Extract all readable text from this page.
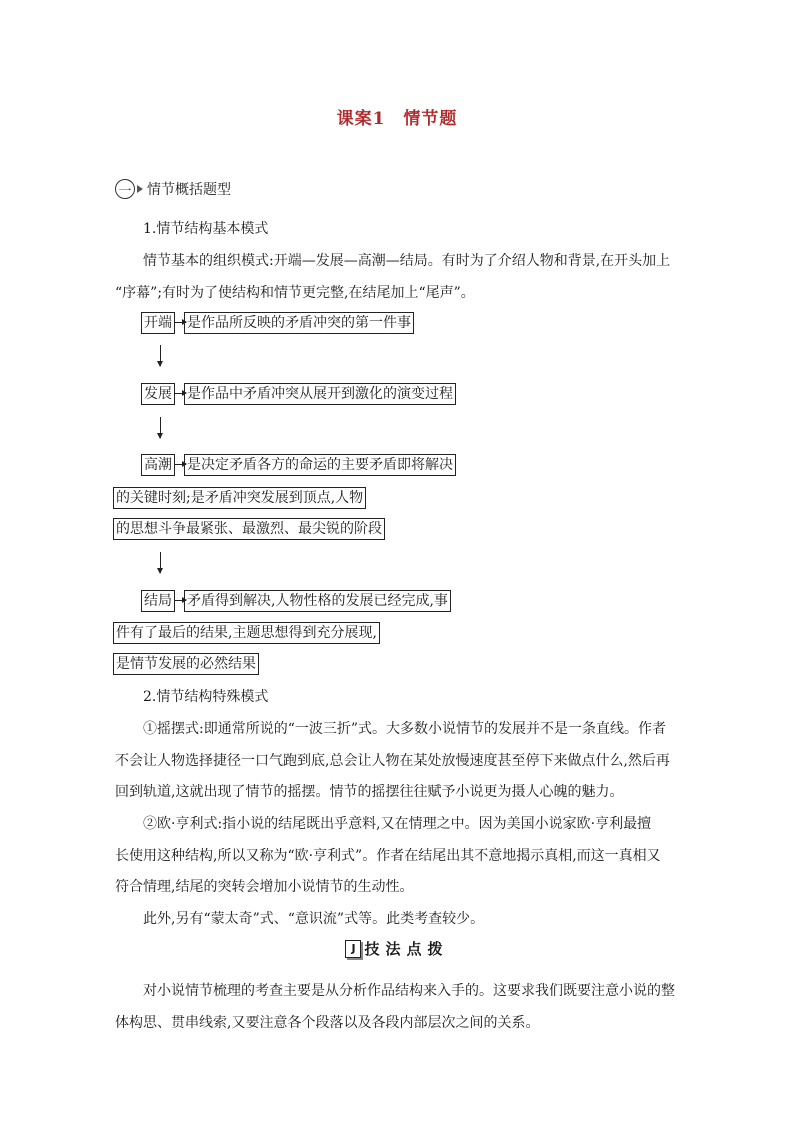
课案1　情节题
一 情节概括题型
1.情节结构基本模式
情节基本的组织模式:开端—发展—高潮—结局。有时为了介绍人物和背景,在开头加上
“序幕”;有时为了使结构和情节更完整,在结尾加上“尾声”。
开端 是作品所反映的矛盾冲突的第一件事
发展 是作品中矛盾冲突从展开到激化的演变过程
高潮 是决定矛盾各方的命运的主要矛盾即将解决
的关键时刻;是矛盾冲突发展到顶点,人物
的思想斗争最紧张、最激烈、最尖锐的阶段
结局 矛盾得到解决,人物性格的发展已经完成,事
件有了最后的结果,主题思想得到充分展现,
是情节发展的必然结果
2.情节结构特殊模式
①摇摆式:即通常所说的“一波三折”式。大多数小说情节的发展并不是一条直线。作者
不会让人物选择捷径一口气跑到底,总会让人物在某处放慢速度甚至停下来做点什么,然后再
回到轨道,这就出现了情节的摇摆。情节的摇摆往往赋予小说更为摄人心魄的魅力。
②欧·亨利式:指小说的结尾既出乎意料,又在情理之中。因为美国小说家欧·亨利最擅
长使用这种结构,所以又称为“欧·亨利式”。作者在结尾出其不意地揭示真相,而这一真相又
符合情理,结尾的突转会增加小说情节的生动性。
此外,另有“蒙太奇”式、“意识流”式等。此类考查较少。
J 技法点拨
对小说情节梳理的考查主要是从分析作品结构来入手的。这要求我们既要注意小说的整
体构思、贯串线索,又要注意各个段落以及各段内部层次之间的关系。
